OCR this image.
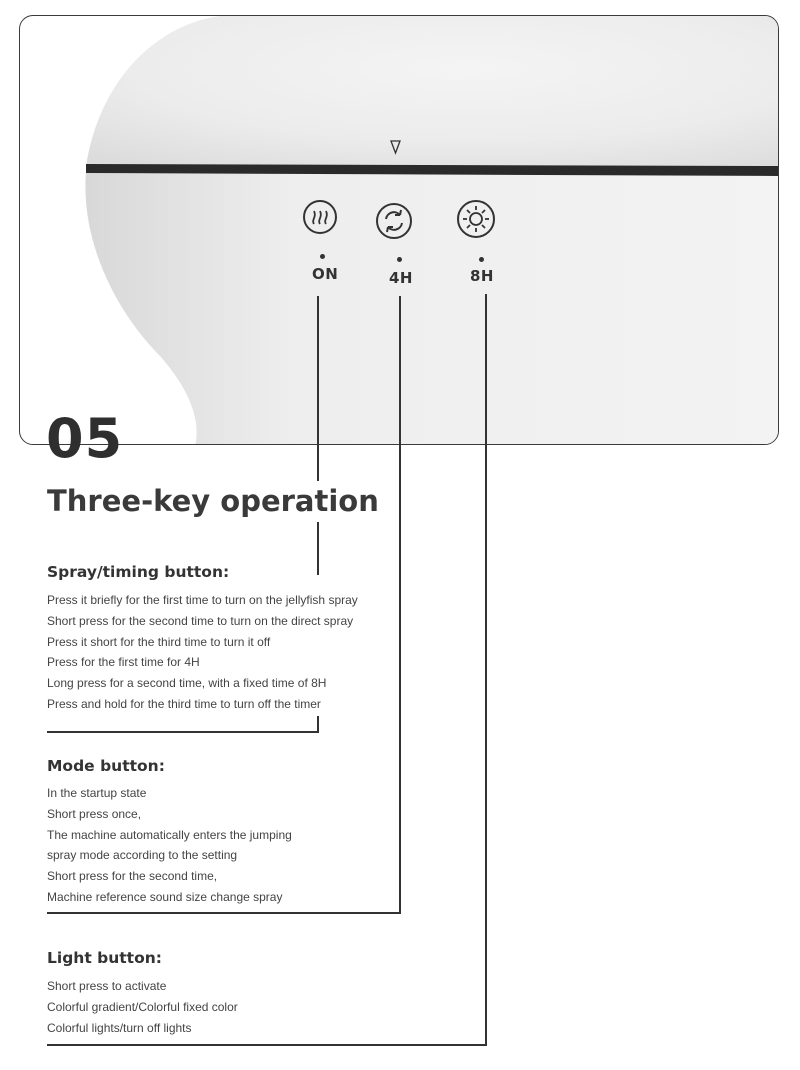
ON	4H	8H
05
Three-key operation
Spray/timing button:
Press it briefly for the first time to turn on the jellyfish spray
Short press for the second time to turn on the direct spray
Press it short for the third time to turn it off
Press for the first time for 4H
Long press for a second time, with a fixed time of 8H
Press and hold for the third time to turn off the timer
Mode button:
In the startup state
Short press once,
The machine automatically enters the jumping
spray mode according to the setting
Short press for the second time,
Machine reference sound size change spray
Light button:
Short press to activate
Colorful gradient/Colorful fixed color
Colorful lights/turn off lights
